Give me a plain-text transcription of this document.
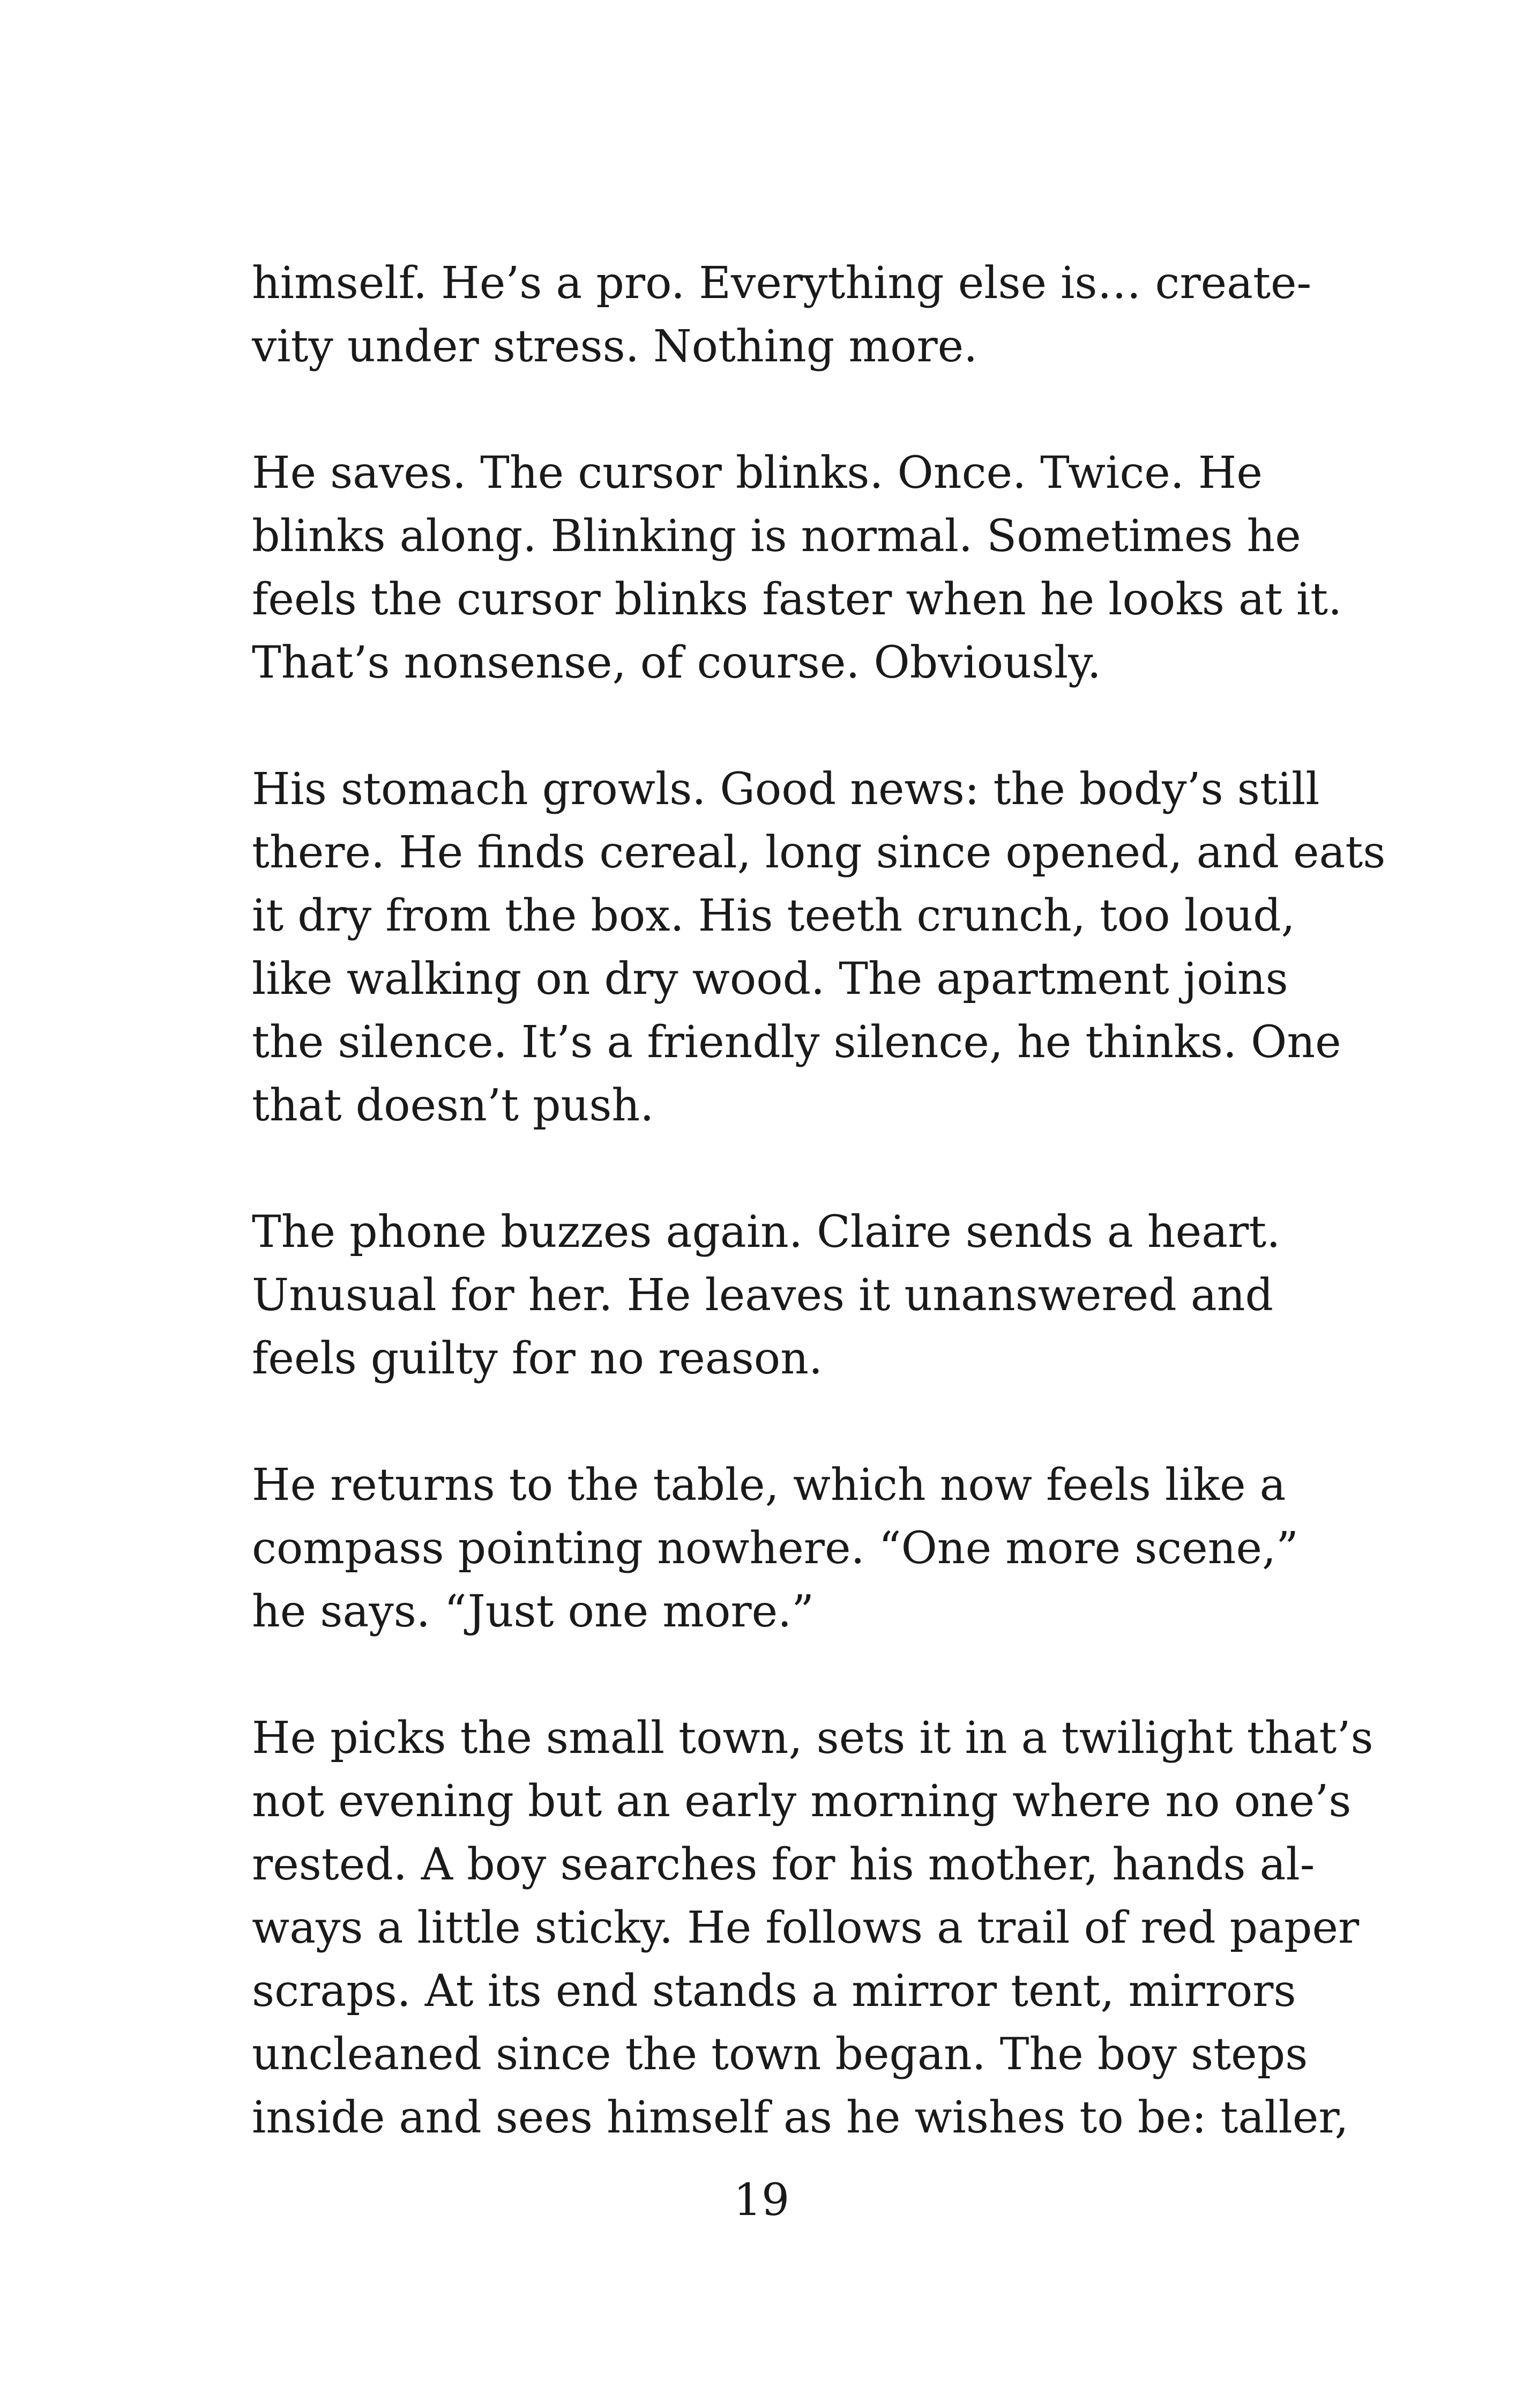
himself. He’s a pro. Everything else is… create-
vity under stress. Nothing more.

He saves. The cursor blinks. Once. Twice. He
blinks along. Blinking is normal. Sometimes he
feels the cursor blinks faster when he looks at it.
That’s nonsense, of course. Obviously.

His stomach growls. Good news: the body’s still
there. He finds cereal, long since opened, and eats
it dry from the box. His teeth crunch, too loud,
like walking on dry wood. The apartment joins
the silence. It’s a friendly silence, he thinks. One
that doesn’t push.

The phone buzzes again. Claire sends a heart.
Unusual for her. He leaves it unanswered and
feels guilty for no reason.

He returns to the table, which now feels like a
compass pointing nowhere. “One more scene,”
he says. “Just one more.”

He picks the small town, sets it in a twilight that’s
not evening but an early morning where no one’s
rested. A boy searches for his mother, hands al-
ways a little sticky. He follows a trail of red paper
scraps. At its end stands a mirror tent, mirrors
uncleaned since the town began. The boy steps
inside and sees himself as he wishes to be: taller,

19
